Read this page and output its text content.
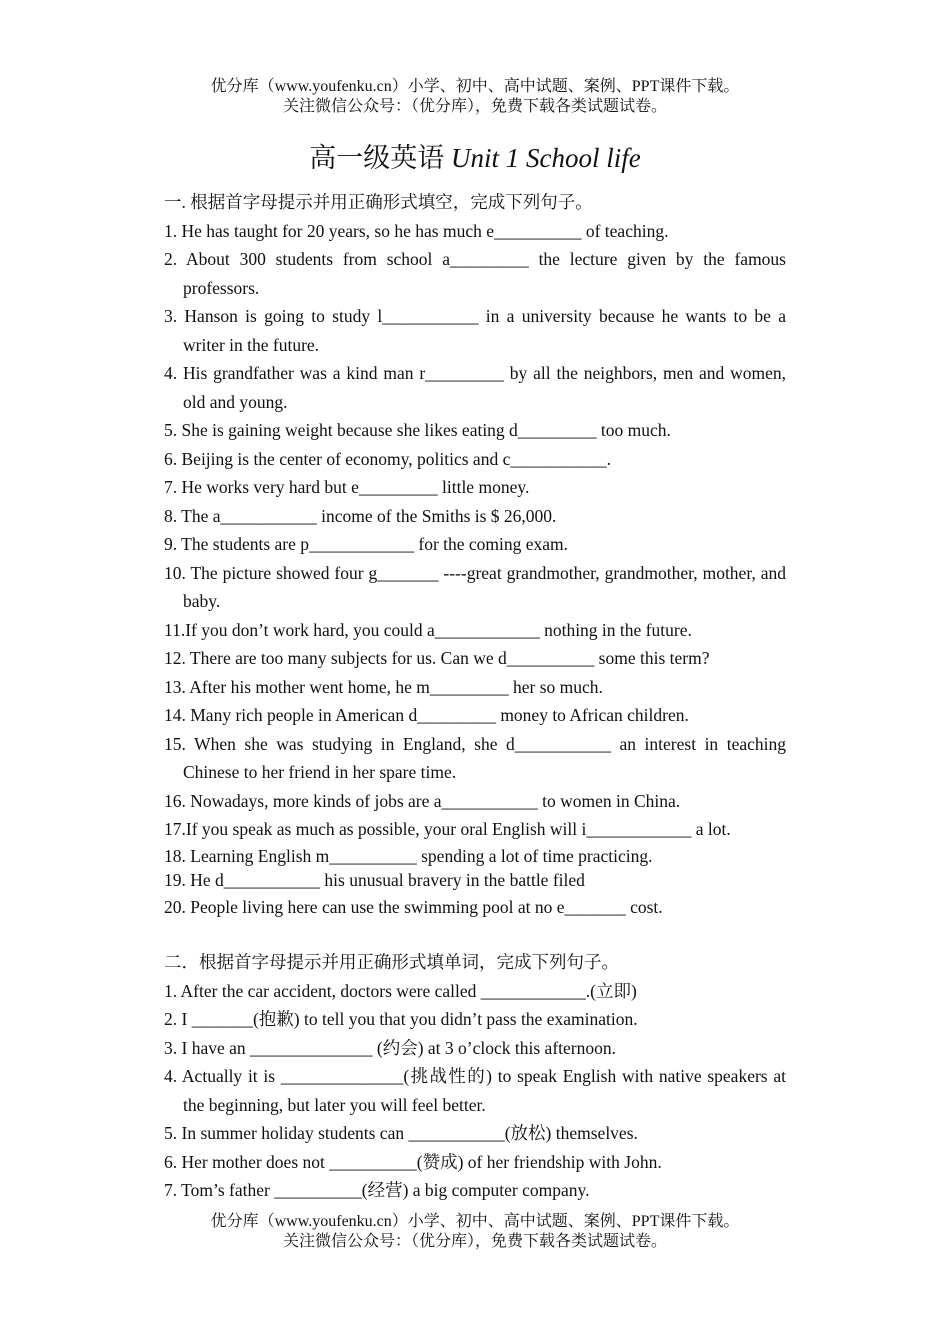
优分库（www.youfenku.cn）小学、初中、高中试题、案例、PPT课件下载。
关注微信公众号：（优分库），免费下载各类试题试卷。
高一级英语 Unit 1 School life
一. 根据首字母提示并用正确形式填空，完成下列句子。
1. He has taught for 20 years, so he has much e__________ of teaching.
2. About 300 students from school a_________ the lecture given by the famous professors.
3. Hanson is going to study l___________ in a university because he wants to be a writer in the future.
4. His grandfather was a kind man r_________ by all the neighbors, men and women, old and young.
5. She is gaining weight because she likes eating d_________ too much.
6. Beijing is the center of economy, politics and c___________.
7. He works very hard but e_________ little money.
8. The a___________ income of the Smiths is $ 26,000.
9. The students are p____________ for the coming exam.
10. The picture showed four g_______ ----great grandmother, grandmother, mother, and baby.
11.If you don’t work hard, you could a____________ nothing in the future.
12. There are too many subjects for us. Can we d__________ some this term?
13. After his mother went home, he m_________ her so much.
14. Many rich people in American d_________ money to African children.
15. When she was studying in England, she d___________ an interest in teaching Chinese to her friend in her spare time.
16. Nowadays, more kinds of jobs are a___________ to women in China.
17.If you speak as much as possible, your oral English will i____________ a lot.
18. Learning English m__________ spending a lot of time practicing.
19. He d___________ his unusual bravery in the battle filed
20. People living here can use the swimming pool at no e_______ cost.
二．根据首字母提示并用正确形式填单词，完成下列句子。
1. After the car accident, doctors were called ____________.(立即)
2. I _______(抱歉) to tell you that you didn’t pass the examination.
3. I have an ______________ (约会) at 3 o’clock this afternoon.
4. Actually it is ______________(挑战性的) to speak English with native speakers at the beginning, but later you will feel better.
5. In summer holiday students can ___________(放松) themselves.
6. Her mother does not __________(赞成) of her friendship with John.
7. Tom’s father __________(经营) a big computer company.
优分库（www.youfenku.cn）小学、初中、高中试题、案例、PPT课件下载。
关注微信公众号：（优分库），免费下载各类试题试卷。
